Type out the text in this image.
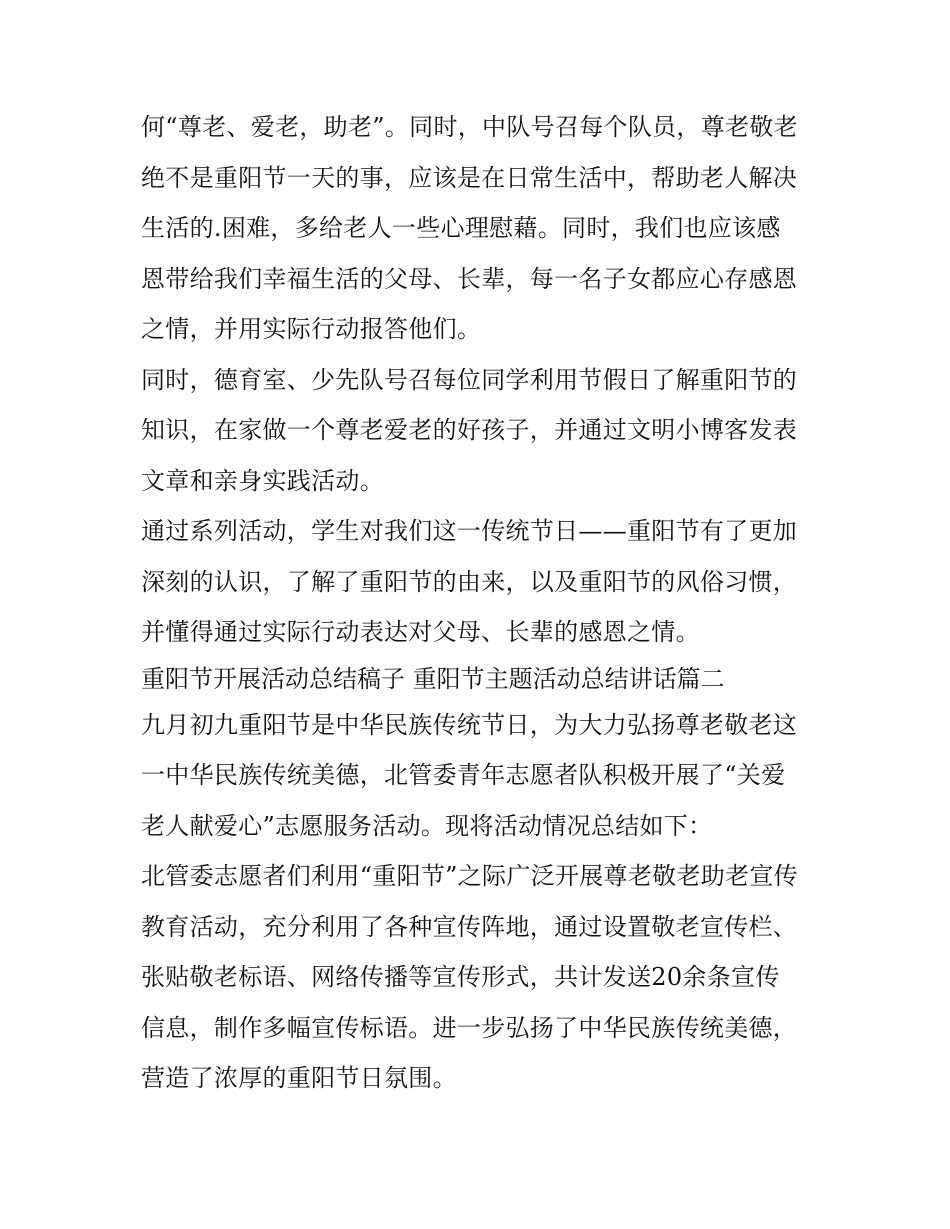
何“尊老、爱老，助老”。同时，中队号召每个队员，尊老敬老
绝不是重阳节一天的事，应该是在日常生活中，帮助老人解决
生活的.困难，多给老人一些心理慰藉。同时，我们也应该感
恩带给我们幸福生活的父母、长辈，每一名子女都应心存感恩
之情，并用实际行动报答他们。
同时，德育室、少先队号召每位同学利用节假日了解重阳节的
知识，在家做一个尊老爱老的好孩子，并通过文明小博客发表
文章和亲身实践活动。
通过系列活动，学生对我们这一传统节日——重阳节有了更加
深刻的认识，了解了重阳节的由来，以及重阳节的风俗习惯，
并懂得通过实际行动表达对父母、长辈的感恩之情。
重阳节开展活动总结稿子 重阳节主题活动总结讲话篇二
九月初九重阳节是中华民族传统节日，为大力弘扬尊老敬老这
一中华民族传统美德，北管委青年志愿者队积极开展了“关爱
老人献爱心”志愿服务活动。现将活动情况总结如下：
北管委志愿者们利用“重阳节”之际广泛开展尊老敬老助老宣传
教育活动，充分利用了各种宣传阵地，通过设置敬老宣传栏、
张贴敬老标语、网络传播等宣传形式，共计发送20余条宣传
信息，制作多幅宣传标语。进一步弘扬了中华民族传统美德，
营造了浓厚的重阳节日氛围。
